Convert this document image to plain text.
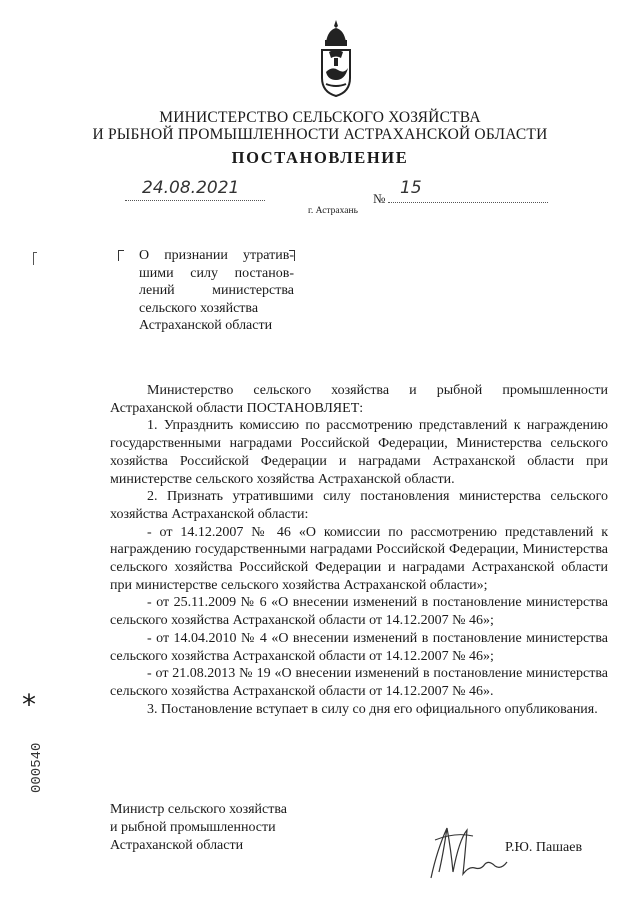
МИНИСТЕРСТВО СЕЛЬСКОГО ХОЗЯЙСТВА
И РЫБНОЙ ПРОМЫШЛЕННОСТИ АСТРАХАНСКОЙ ОБЛАСТИ
ПОСТАНОВЛЕНИЕ
24.08.2021
№
15
г. Астрахань
О признании утратив-
шими силу постанов-
лений министерства
сельского хозяйства
Астраханской области

Министерство сельского хозяйства и рыбной промышленности Астраханской области ПОСТАНОВЛЯЕТ:

1. Упразднить комиссию по рассмотрению представлений к награждению государственными наградами Российской Федерации, Министерства сельского хозяйства Российской Федерации и наградами Астраханской области при министерстве сельского хозяйства Астраханской области.

2. Признать утратившими силу постановления министерства сельского хозяйства Астраханской области:

- от 14.12.2007 № 46 «О комиссии по рассмотрению представлений к награждению государственными наградами Российской Федерации, Министерства сельского хозяйства Российской Федерации и наградами Астраханской области при министерстве сельского хозяйства Астраханской области»;

- от 25.11.2009 № 6 «О внесении изменений в постановление министерства сельского хозяйства Астраханской области от 14.12.2007 № 46»;

- от 14.04.2010 № 4 «О внесении изменений в постановление министерства сельского хозяйства Астраханской области от 14.12.2007 № 46»;

- от 21.08.2013 № 19 «О внесении изменений в постановление министерства сельского хозяйства Астраханской области от 14.12.2007 № 46».

3. Постановление вступает в силу со дня его официального опубликования.

Министр сельского хозяйства
и рыбной промышленности
Астраханской области	Р.Ю. Пашаев
*
000540
